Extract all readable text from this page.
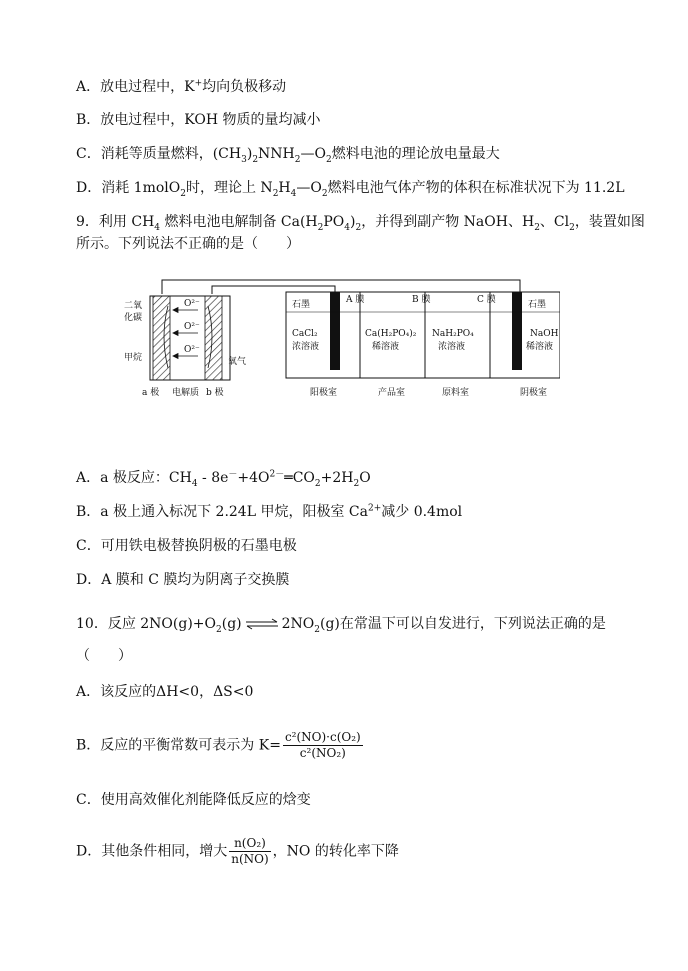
A．放电过程中，K+均向负极移动
B．放电过程中，KOH 物质的量均减小
C．消耗等质量燃料，$(CH_3)_2NNH_2—O_2$燃料电池的理论放电量最大
D．消耗 1molO$_2$时，理论上 $N_2H_4—O_2$燃料电池气体产物的体积在标准状况下为 11.2L
9．利用 $CH_4$ 燃料电池电解制备 $Ca(H_2PO_4)_2$，并得到副产物 NaOH、$H_2$、$Cl_2$，装置如图
所示。下列说法不正确的是（　　）
O²⁻
O²⁻
O²⁻
二氧
化碳
甲烷	氧气
a 极 电解质 b 极
石墨	A 膜	B 膜	C 膜	石墨
CaCl₂
浓溶液
Ca(H₂PO₄)₂
稀溶液
NaH₂PO₄
浓溶液
NaOH
稀溶液
阳极室	产品室	原料室	阴极室
A．a 极反应：$CH_4$ - $8e^-+4O^{2-}═CO_2+2H_2O$
B．a 极上通入标况下 2.24L 甲烷，阳极室 $Ca^{2+}$减少 0.4mol
C．可用铁电极替换阴极的石墨电极
D．A 膜和 C 膜均为阴离子交换膜
10．反应 $2NO(g)+O_2(g)$ ⇌ $2NO_2(g)$在常温下可以自发进行，下列说法正确的是
（　　）
A．该反应的ΔH<0，ΔS<0
B．反应的平衡常数可表示为 $K= \frac{\text{c²(NO)·c(O₂)}}{\text{c²(NO₂)}}$
C．使用高效催化剂能降低反应的焓变
D．其他条件相同，增大 $\frac{\text{n(O₂)}}{n(NO)}$ ，NO 的转化率下降
